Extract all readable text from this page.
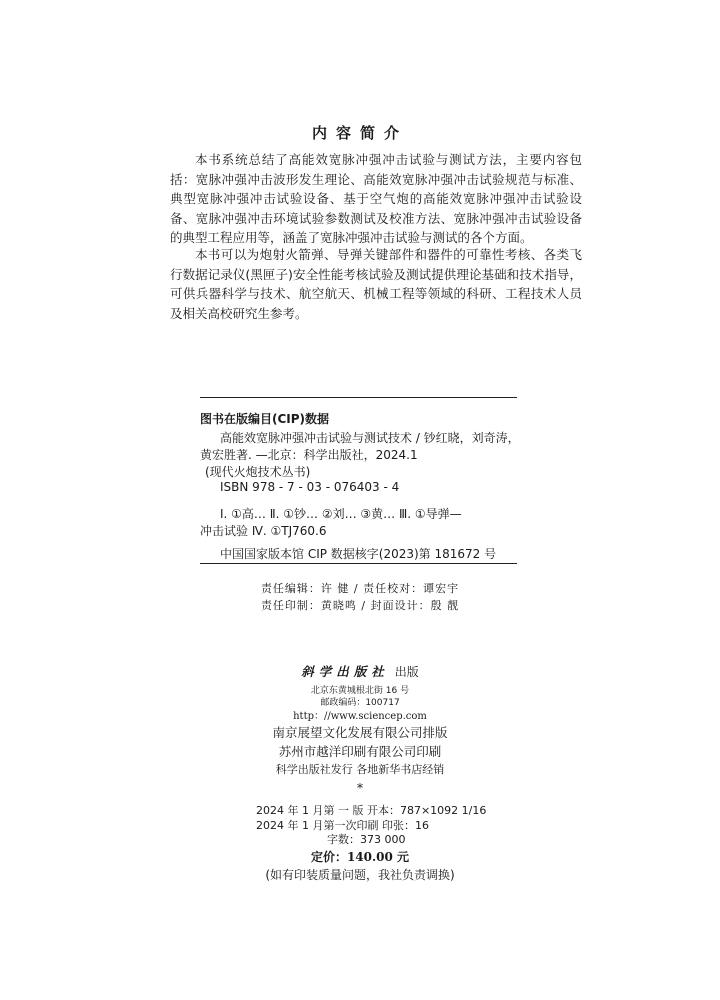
内容简介

本书系统总结了高能效宽脉冲强冲击试验与测试方法，主要内容包括：宽脉冲强冲击波形发生理论、高能效宽脉冲强冲击试验规范与标准、典型宽脉冲强冲击试验设备、基于空气炮的高能效宽脉冲强冲击试验设备、宽脉冲强冲击环境试验参数测试及校准方法、宽脉冲强冲击试验设备的典型工程应用等，涵盖了宽脉冲强冲击试验与测试的各个方面。

本书可以为炮射火箭弹、导弹关键部件和器件的可靠性考核、各类飞行数据记录仪(黑匣子)安全性能考核试验及测试提供理论基础和技术指导，可供兵器科学与技术、航空航天、机械工程等领域的科研、工程技术人员及相关高校研究生参考。

图书在版编目(CIP)数据
高能效宽脉冲强冲击试验与测试技术 / 钞红晓，刘奇涛，
黄宏胜著. —北京：科学出版社，2024.1
(现代火炮技术丛书)
ISBN 978 - 7 - 03 - 076403 - 4
Ⅰ. ①高… Ⅱ. ①钞… ②刘… ③黄… Ⅲ. ①导弹—
冲击试验 Ⅳ. ①TJ760.6
中国国家版本馆 CIP 数据核字(2023)第 181672 号
责任编辑：许 健 / 责任校对：谭宏宇
责任印制：黄晓鸣 / 封面设计：殷 靓
斜学出版社 出版
北京东黄城根北街 16 号
邮政编码：100717
http：//www.sciencep.com
南京展望文化发展有限公司排版
苏州市越洋印刷有限公司印刷
科学出版社发行 各地新华书店经销
*
2024 年 1 月第 一 版 开本：787×1092 1/16
2024 年 1 月第一次印刷 印张：16
字数：373 000
定价：140.00 元
(如有印装质量问题，我社负责调换)
